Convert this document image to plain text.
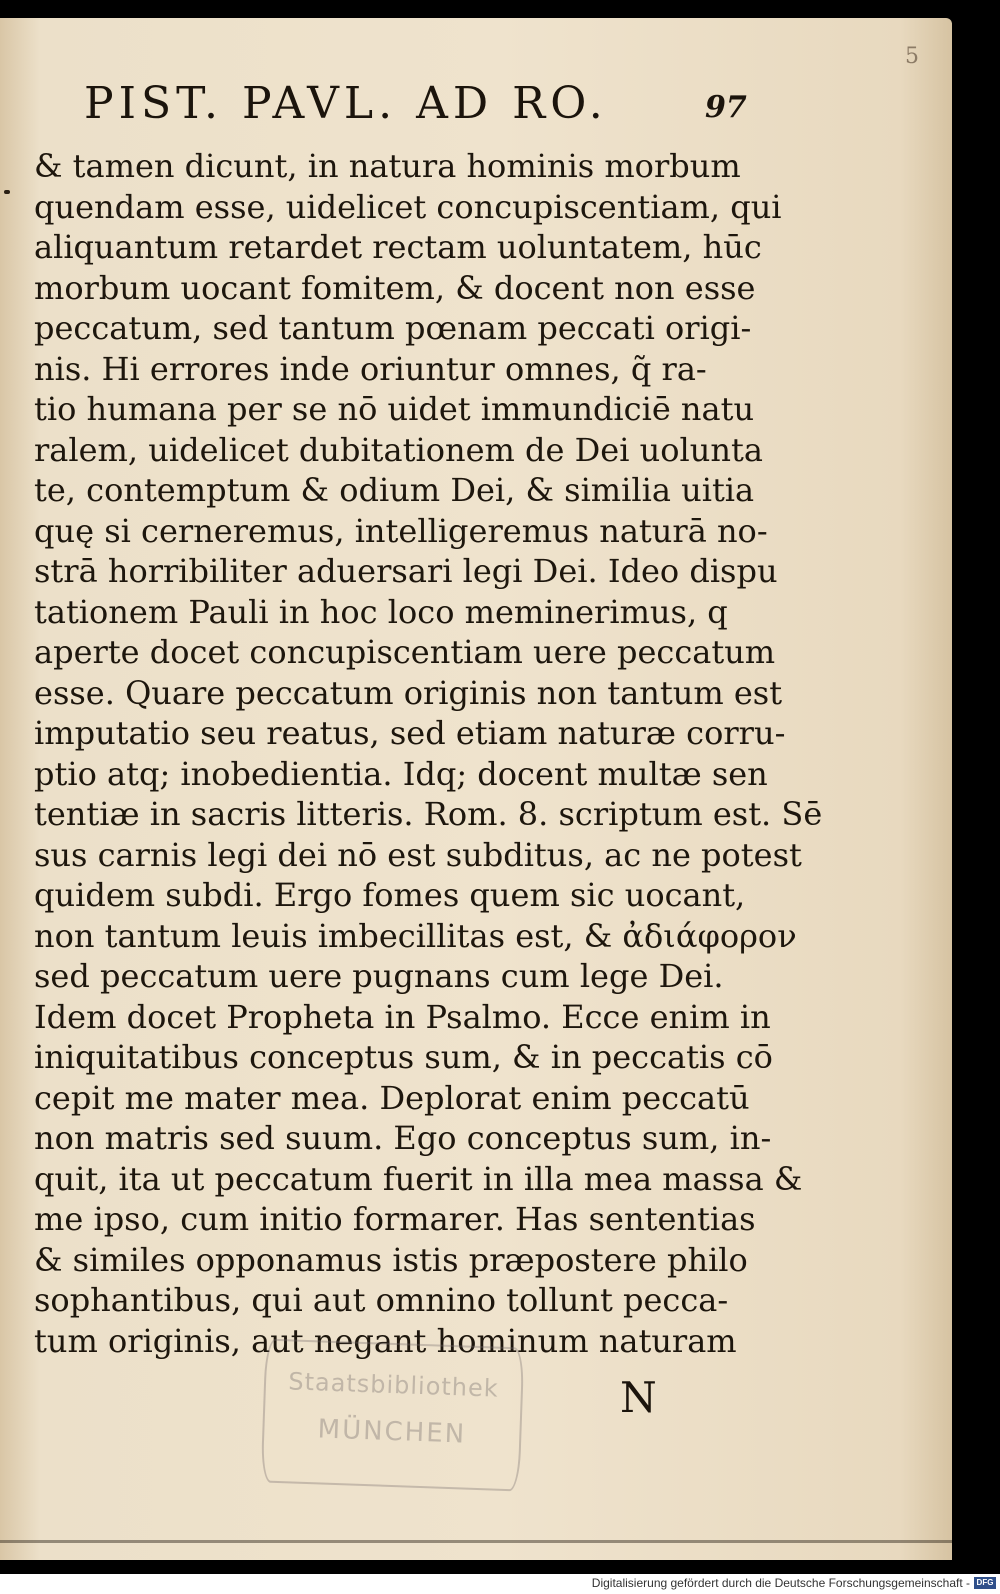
5
PIST. PAVL. AD RO.	97
& tamen dicunt, in natura hominis morbum
quendam esse, uidelicet concupiscentiam, qui
aliquantum retardet rectam uoluntatem, hūc
morbum uocant fomitem, & docent non esse
peccatum, sed tantum pœnam peccati origi-
nis. Hi errores inde oriuntur omnes, q̃ ra-
tio humana per se nō uidet immundiciē natu
ralem, uidelicet dubitationem de Dei uolunta
te, contemptum & odium Dei, & similia uitia
quę si cerneremus, intelligeremus naturā no-
strā horribiliter aduersari legi Dei. Ideo dispu
tationem Pauli in hoc loco meminerimus, q
aperte docet concupiscentiam uere peccatum
esse. Quare peccatum originis non tantum est
imputatio seu reatus, sed etiam naturæ corru-
ptio atq; inobedientia. Idq; docent multæ sen
tentiæ in sacris litteris. Rom. 8. scriptum est. Sē
sus carnis legi dei nō est subditus, ac ne potest
quidem subdi. Ergo fomes quem sic uocant,
non tantum leuis imbecillitas est, & ἀδιάφορον
sed peccatum uere pugnans cum lege Dei.
Idem docet Propheta in Psalmo. Ecce enim in
iniquitatibus conceptus sum, & in peccatis cō
cepit me mater mea. Deplorat enim peccatū
non matris sed suum. Ego conceptus sum, in-
quit, ita ut peccatum fuerit in illa mea massa &
me ipso, cum initio formarer. Has sententias
& similes opponamus istis præpostere philo
sophantibus, qui aut omnino tollunt pecca-
tum originis, aut negant hominum naturam
Staatsbibliothek
MÜNCHEN
N
Digitalisierung gefördert durch die Deutsche Forschungsgemeinschaft - DFG
